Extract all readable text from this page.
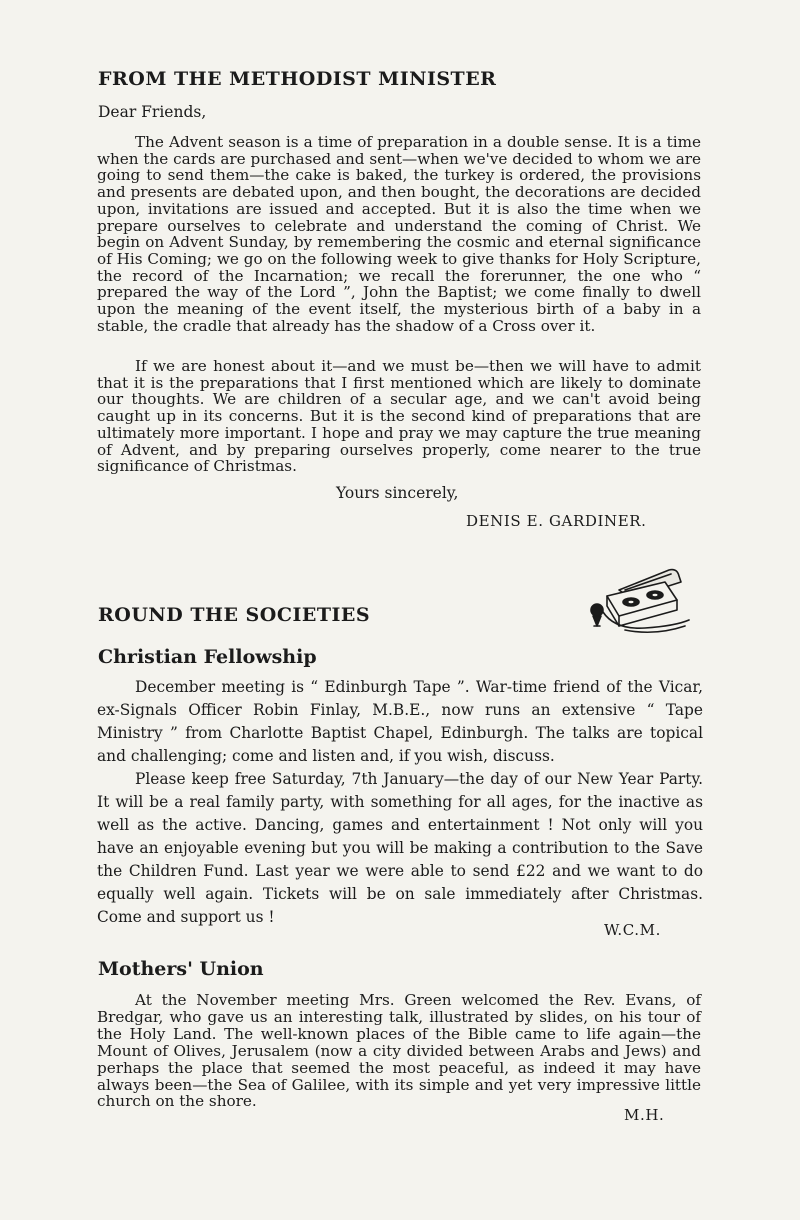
FROM THE METHODIST MINISTER
Dear Friends,

The Advent season is a time of preparation in a double sense. It is a time when the cards are purchased and sent—when we've decided to whom we are going to send them—the cake is baked, the turkey is ordered, the provisions and presents are debated upon, and then bought, the decorations are decided upon, invitations are issued and accepted. But it is also the time when we prepare ourselves to celebrate and understand the coming of Christ. We begin on Advent Sunday, by remembering the cosmic and eternal significance of His Coming; we go on the following week to give thanks for Holy Scripture, the record of the Incarnation; we recall the forerunner, the one who “ prepared the way of the Lord ”, John the Baptist; we come finally to dwell upon the meaning of the event itself, the mysterious birth of a baby in a stable, the cradle that already has the shadow of a Cross over it.

If we are honest about it—and we must be—then we will have to admit that it is the preparations that I first mentioned which are likely to dominate our thoughts. We are children of a secular age, and we can't avoid being caught up in its concerns. But it is the second kind of preparations that are ultimately more important. I hope and pray we may capture the true meaning of Advent, and by preparing ourselves properly, come nearer to the true significance of Christmas.

Yours sincerely,
DENIS E. GARDINER.
ROUND THE SOCIETIES
Christian Fellowship

December meeting is “ Edinburgh Tape ”. War-time friend of the Vicar, ex-Signals Officer Robin Finlay, M.B.E., now runs an extensive “ Tape Ministry ” from Charlotte Baptist Chapel, Edinburgh. The talks are topical and challenging; come and listen and, if you wish, discuss.

Please keep free Saturday, 7th January—the day of our New Year Party. It will be a real family party, with something for all ages, for the inactive as well as the active. Dancing, games and entertainment ! Not only will you have an enjoyable evening but you will be making a contribution to the Save the Children Fund. Last year we were able to send £22 and we want to do equally well again. Tickets will be on sale immediately after Christmas. Come and support us !

W.C.M.
Mothers' Union

At the November meeting Mrs. Green welcomed the Rev. Evans, of Bredgar, who gave us an interesting talk, illustrated by slides, on his tour of the Holy Land. The well-known places of the Bible came to life again—the Mount of Olives, Jerusalem (now a city divided between Arabs and Jews) and perhaps the place that seemed the most peaceful, as indeed it may have always been—the Sea of Galilee, with its simple and yet very impressive little church on the shore.

M.H.
